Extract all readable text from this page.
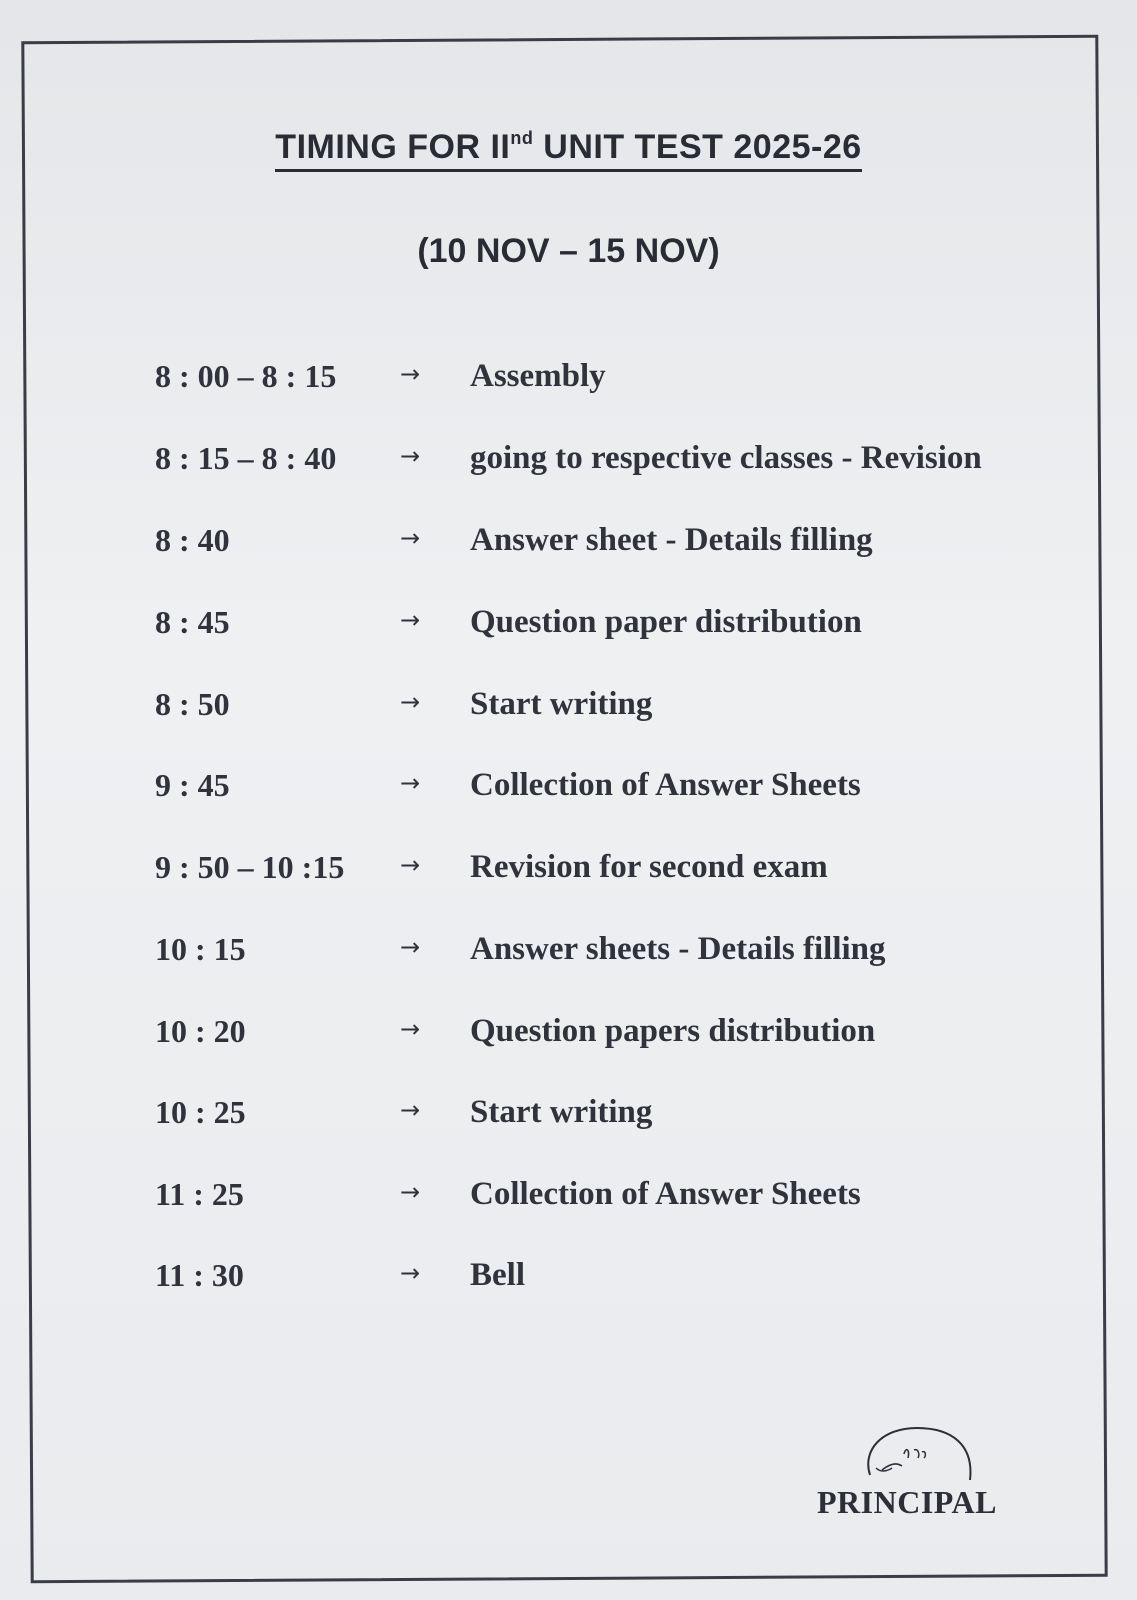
TIMING FOR IInd UNIT TEST 2025-26
(10 NOV – 15 NOV)
8 : 00 – 8 : 15	→ Assembly
8 : 15 – 8 : 40	→ going to respective classes - Revision
8 : 40	→ Answer sheet - Details filling
8 : 45	→ Question paper distribution
8 : 50	→ Start writing
9 : 45	→ Collection of Answer Sheets
9 : 50 – 10 :15 → Revision for second exam
10 : 15	→ Answer sheets - Details filling
10 : 20	→ Question papers distribution
10 : 25	→ Start writing
11 : 25	→ Collection of Answer Sheets
11 : 30	→ Bell
PRINCIPAL
